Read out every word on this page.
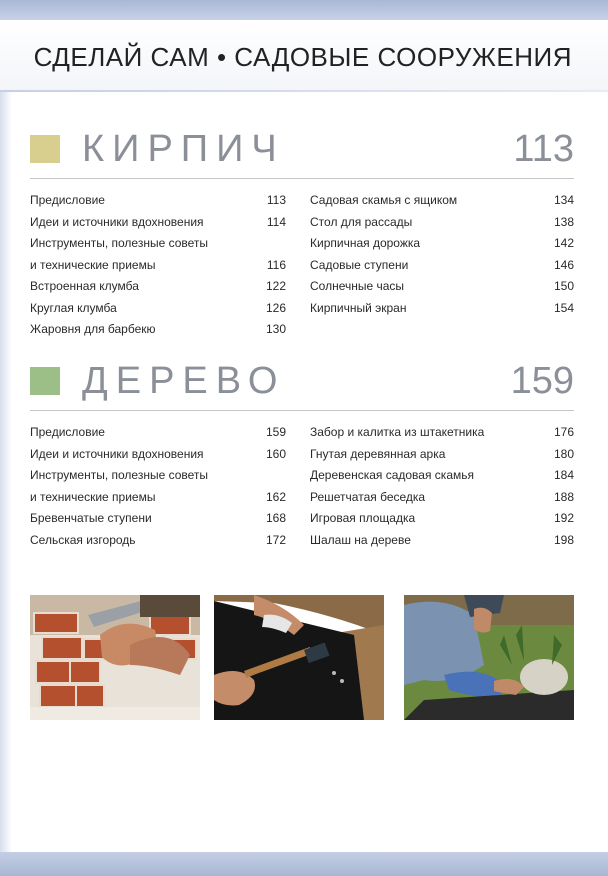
СДЕЛАЙ САМ • САДОВЫЕ СООРУЖЕНИЯ
КИРПИЧ	113
Предисловие	113
Идеи и источники вдохновения	114
Инструменты, полезные советы
и технические приемы	116
Встроенная клумба	122
Круглая клумба	126
Жаровня для барбекю	130
Садовая скамья с ящиком	134
Стол для рассады	138
Кирпичная дорожка	142
Садовые ступени	146
Солнечные часы	150
Кирпичный экран	154
ДЕРЕВО	159
Предисловие	159
Идеи и источники вдохновения	160
Инструменты, полезные советы
и технические приемы	162
Бревенчатые ступени	168
Сельская изгородь	172
Забор и калитка из штакетника	176
Гнутая деревянная арка	180
Деревенская садовая скамья	184
Решетчатая беседка	188
Игровая площадка	192
Шалаш на дереве	198
